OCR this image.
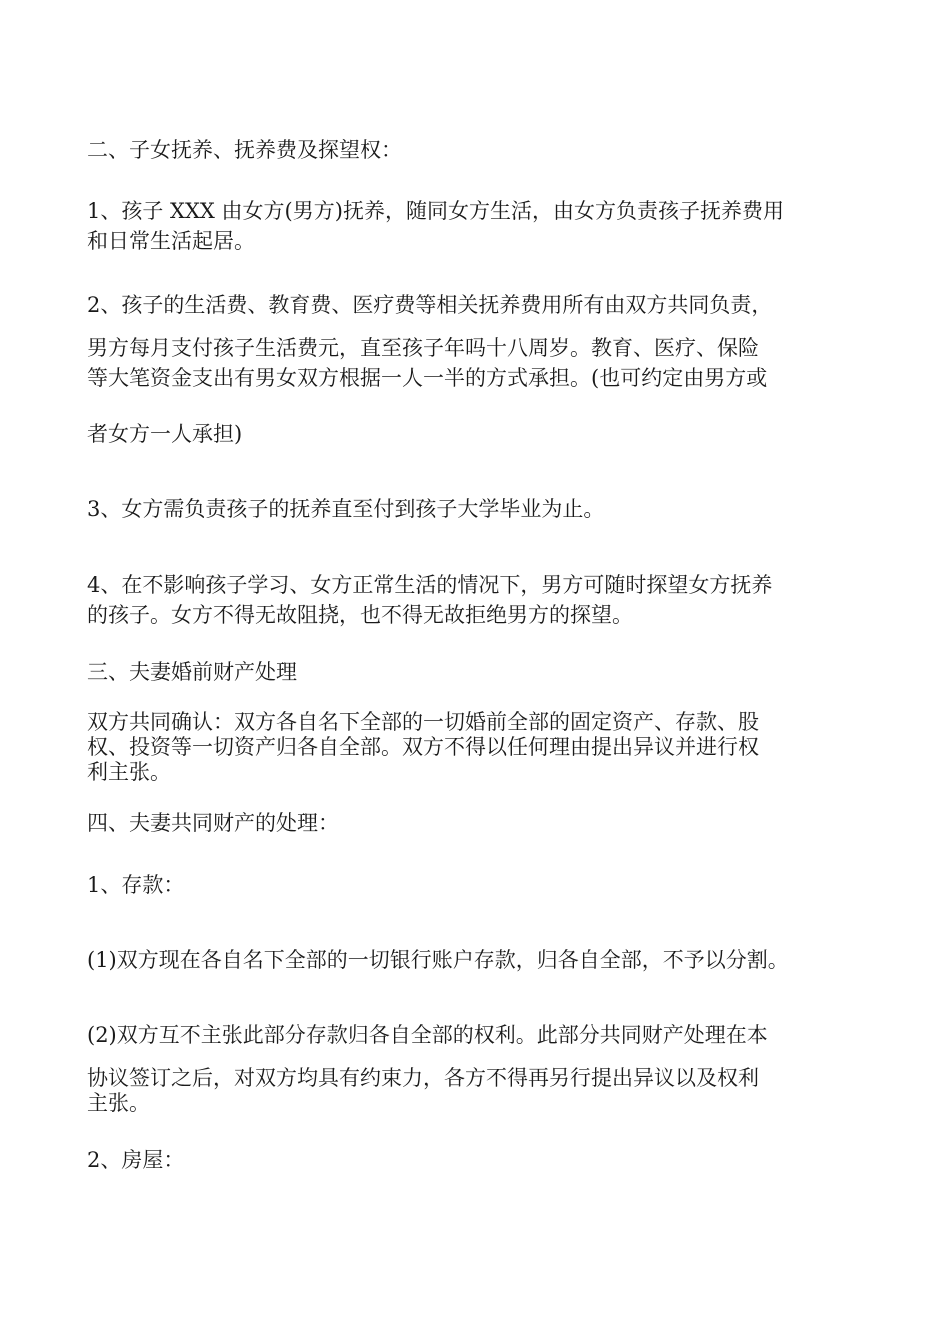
二、子女抚养、抚养费及探望权：
1、孩子 XXX 由女方(男方)抚养，随同女方生活，由女方负责孩子抚养费用
和日常生活起居。
2、孩子的生活费、教育费、医疗费等相关抚养费用所有由双方共同负责，
男方每月支付孩子生活费元，直至孩子年吗十八周岁。教育、医疗、保险
等大笔资金支出有男女双方根据一人一半的方式承担。(也可约定由男方或
者女方一人承担)
3、女方需负责孩子的抚养直至付到孩子大学毕业为止。
4、在不影响孩子学习、女方正常生活的情况下，男方可随时探望女方抚养
的孩子。女方不得无故阻挠，也不得无故拒绝男方的探望。
三、夫妻婚前财产处理
双方共同确认：双方各自名下全部的一切婚前全部的固定资产、存款、股
权、投资等一切资产归各自全部。双方不得以任何理由提出异议并进行权
利主张。
四、夫妻共同财产的处理：
1、存款：
(1)双方现在各自名下全部的一切银行账户存款，归各自全部，不予以分割。
(2)双方互不主张此部分存款归各自全部的权利。此部分共同财产处理在本
协议签订之后，对双方均具有约束力，各方不得再另行提出异议以及权利
主张。
2、房屋：
